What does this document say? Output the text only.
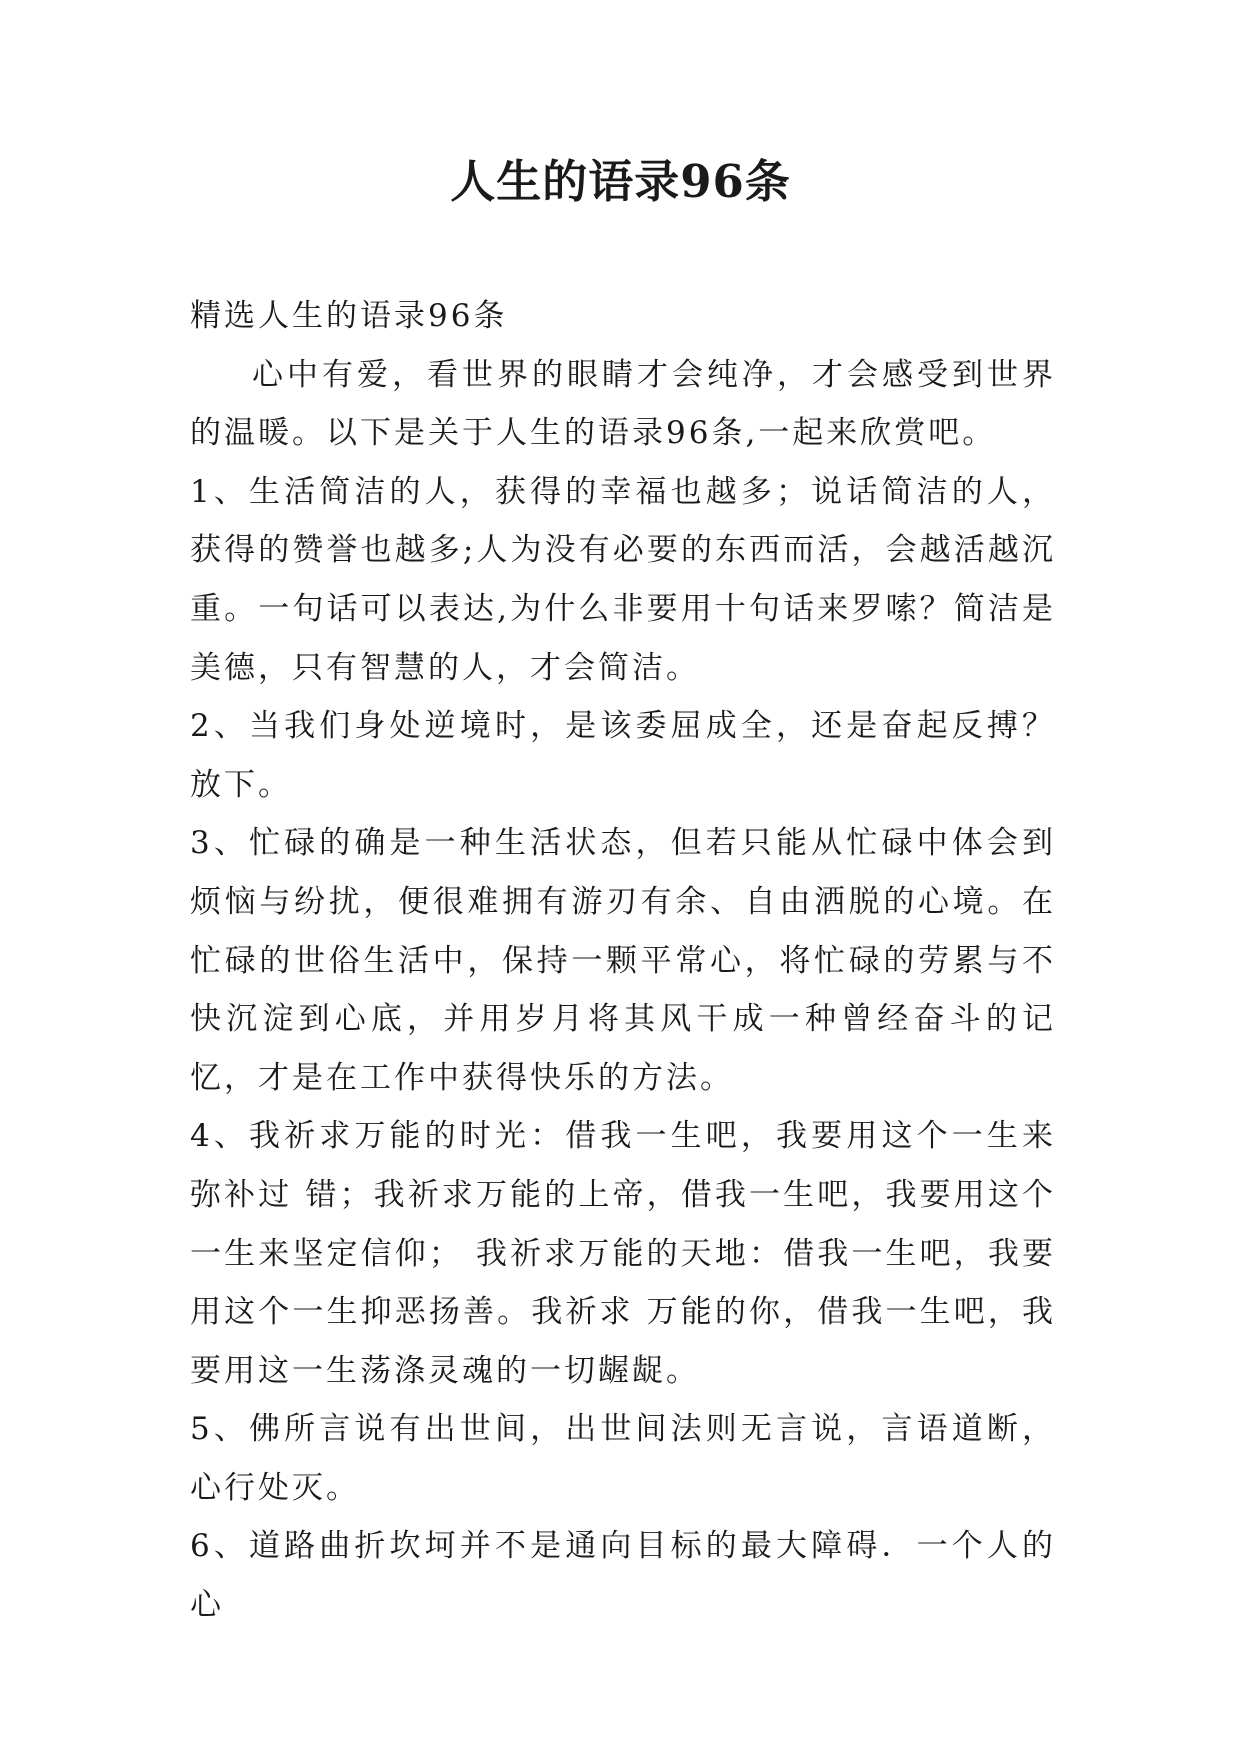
人生的语录96条

精选人生的语录96条

心中有爱，看世界的眼睛才会纯净，才会感受到世界的温暖。以下是关于人生的语录96条,一起来欣赏吧。

1、生活简洁的人，获得的幸福也越多；说话简洁的人，获得的赞誉也越多;人为没有必要的东西而活，会越活越沉重。一句话可以表达,为什么非要用十句话来罗嗦？简洁是美德，只有智慧的人，才会简洁。

2、当我们身处逆境时，是该委屈成全，还是奋起反搏？放下。

3、忙碌的确是一种生活状态，但若只能从忙碌中体会到烦恼与纷扰，便很难拥有游刃有余、自由洒脱的心境。在忙碌的世俗生活中，保持一颗平常心，将忙碌的劳累与不快沉淀到心底，并用岁月将其风干成一种曾经奋斗的记忆，才是在工作中获得快乐的方法。

4、我祈求万能的时光：借我一生吧，我要用这个一生来弥补过 错；我祈求万能的上帝，借我一生吧，我要用这个一生来坚定信仰； 我祈求万能的天地：借我一生吧，我要用这个一生抑恶扬善。我祈求 万能的你，借我一生吧，我要用这一生荡涤灵魂的一切龌龊。

5、佛所言说有出世间，出世间法则无言说，言语道断，心行处灭。

6、道路曲折坎坷并不是通向目标的最大障碍．一个人的心
